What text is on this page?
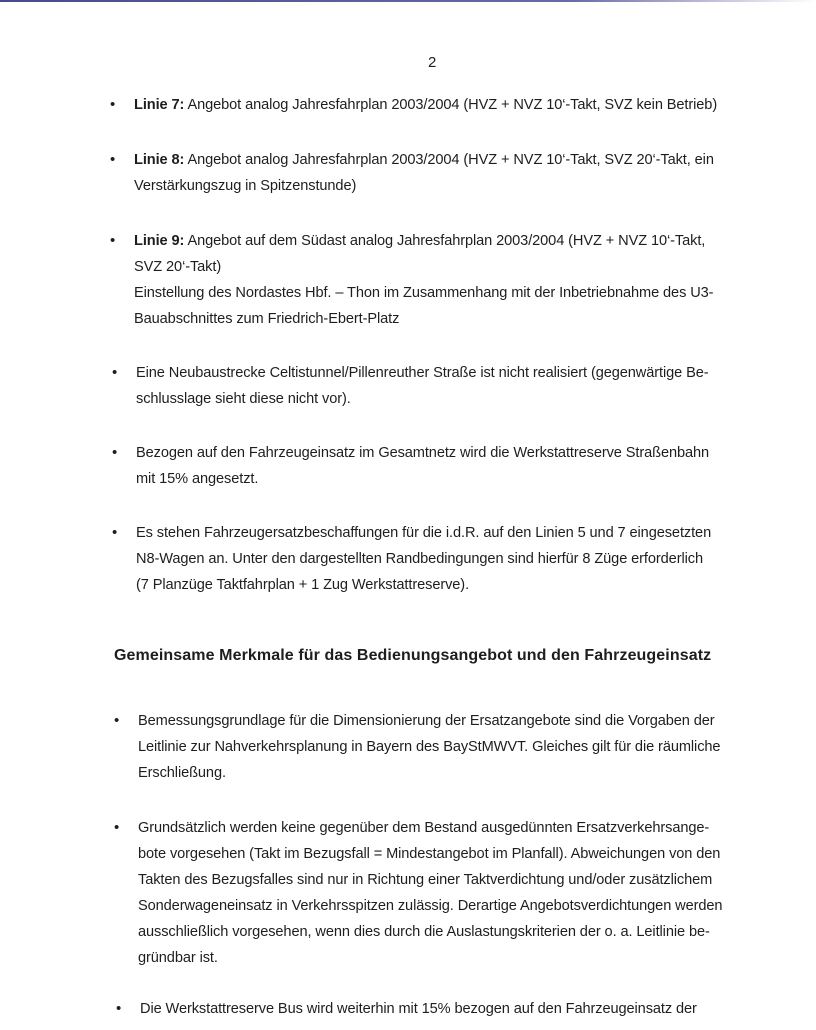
2
• Linie 7: Angebot analog Jahresfahrplan 2003/2004 (HVZ + NVZ 10‘-Takt, SVZ kein Betrieb)
• Linie 8: Angebot analog Jahresfahrplan 2003/2004 (HVZ + NVZ 10‘-Takt, SVZ 20‘-Takt, ein
Verstärkungszug in Spitzenstunde)
• Linie 9: Angebot auf dem Südast analog Jahresfahrplan 2003/2004 (HVZ + NVZ 10‘-Takt,
SVZ 20‘-Takt)
Einstellung des Nordastes Hbf. – Thon im Zusammenhang mit der Inbetriebnahme des U3-
Bauabschnittes zum Friedrich-Ebert-Platz
• Eine Neubaustrecke Celtistunnel/Pillenreuther Straße ist nicht realisiert (gegenwärtige Be-
schlusslage sieht diese nicht vor).
• Bezogen auf den Fahrzeugeinsatz im Gesamtnetz wird die Werkstattreserve Straßenbahn
mit 15% angesetzt.
• Es stehen Fahrzeugersatzbeschaffungen für die i.d.R. auf den Linien 5 und 7 eingesetzten
N8-Wagen an. Unter den dargestellten Randbedingungen sind hierfür 8 Züge erforderlich
(7 Planzüge Taktfahrplan + 1 Zug Werkstattreserve).
Gemeinsame Merkmale für das Bedienungsangebot und den Fahrzeugeinsatz
• Bemessungsgrundlage für die Dimensionierung der Ersatzangebote sind die Vorgaben der
Leitlinie zur Nahverkehrsplanung in Bayern des BayStMWVT. Gleiches gilt für die räumliche
Erschließung.
• Grundsätzlich werden keine gegenüber dem Bestand ausgedünnten Ersatzverkehrsange-
bote vorgesehen (Takt im Bezugsfall = Mindestangebot im Planfall). Abweichungen von den
Takten des Bezugsfalles sind nur in Richtung einer Taktverdichtung und/oder zusätzlichem
Sonderwageneinsatz in Verkehrsspitzen zulässig. Derartige Angebotsverdichtungen werden
ausschließlich vorgesehen, wenn dies durch die Auslastungskriterien der o. a. Leitlinie be-
gründbar ist.
• Die Werkstattreserve Bus wird weiterhin mit 15% bezogen auf den Fahrzeugeinsatz der
